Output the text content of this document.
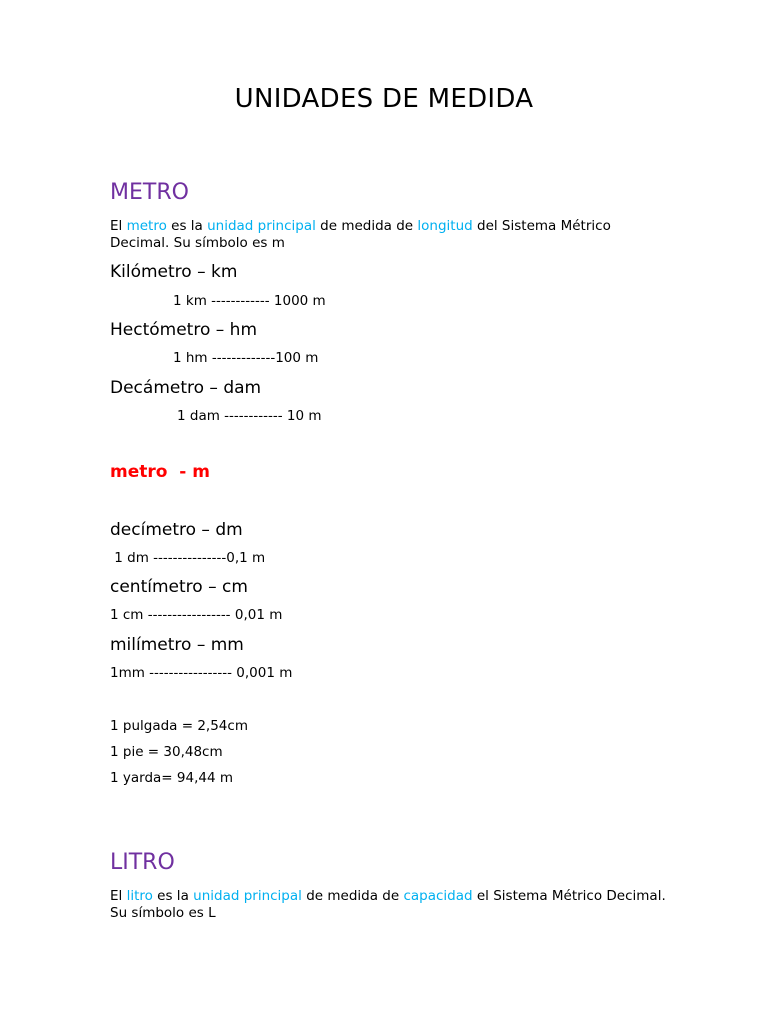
UNIDADES DE MEDIDA
METRO
El metro es la unidad principal de medida de longitud del Sistema Métrico Decimal. Su símbolo es m
Kilómetro – km
1 km ------------ 1000 m
Hectómetro – hm
1 hm -------------100 m
Decámetro – dam
1 dam ------------ 10 m
metro  - m
decímetro – dm
1 dm ---------------0,1 m
centímetro – cm
1 cm ----------------- 0,01 m
milímetro – mm
1mm ----------------- 0,001 m
1 pulgada = 2,54cm
1 pie = 30,48cm
1 yarda= 94,44 m
LITRO
El litro es la unidad principal de medida de capacidad el Sistema Métrico Decimal. Su símbolo es L
